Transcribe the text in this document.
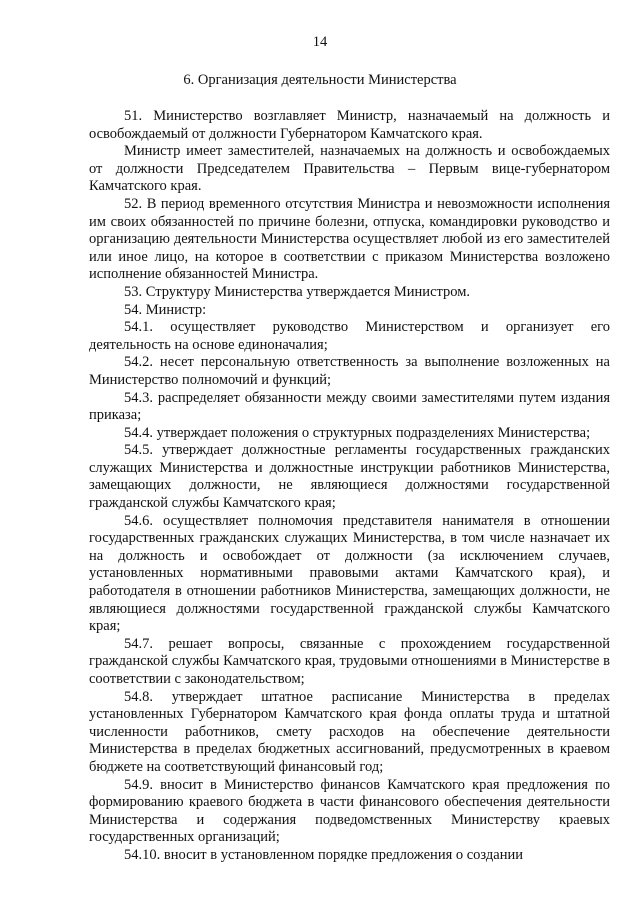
14
6. Организация деятельности Министерства

51. Министерство возглавляет Министр, назначаемый на должность и освобождаемый от должности Губернатором Камчатского края.

Министр имеет заместителей, назначаемых на должность и освобождаемых от должности Председателем Правительства – Первым вице-губернатором Камчатского края.

52. В период временного отсутствия Министра и невозможности исполнения им своих обязанностей по причине болезни, отпуска, командировки руководство и организацию деятельности Министерства осуществляет любой из его заместителей или иное лицо, на которое в соответствии с приказом Министерства возложено исполнение обязанностей Министра.

53. Структуру Министерства утверждается Министром.

54. Министр:

54.1. осуществляет руководство Министерством и организует его деятельность на основе единоначалия;

54.2. несет персональную ответственность за выполнение возложенных на Министерство полномочий и функций;

54.3. распределяет обязанности между своими заместителями путем издания приказа;

54.4. утверждает положения о структурных подразделениях Министерства;

54.5. утверждает должностные регламенты государственных гражданских служащих Министерства и должностные инструкции работников Министерства, замещающих должности, не являющиеся должностями государственной гражданской службы Камчатского края;

54.6. осуществляет полномочия представителя нанимателя в отношении государственных гражданских служащих Министерства, в том числе назначает их на должность и освобождает от должности (за исключением случаев, установленных нормативными правовыми актами Камчатского края), и работодателя в отношении работников Министерства, замещающих должности, не являющиеся должностями государственной гражданской службы Камчатского края;

54.7. решает вопросы, связанные с прохождением государственной гражданской службы Камчатского края, трудовыми отношениями в Министерстве в соответствии с законодательством;

54.8. утверждает штатное расписание Министерства в пределах установленных Губернатором Камчатского края фонда оплаты труда и штатной численности работников, смету расходов на обеспечение деятельности Министерства в пределах бюджетных ассигнований, предусмотренных в краевом бюджете на соответствующий финансовый год;

54.9. вносит в Министерство финансов Камчатского края предложения по формированию краевого бюджета в части финансового обеспечения деятельности Министерства и содержания подведомственных Министерству краевых государственных организаций;

54.10. вносит в установленном порядке предложения о создании
